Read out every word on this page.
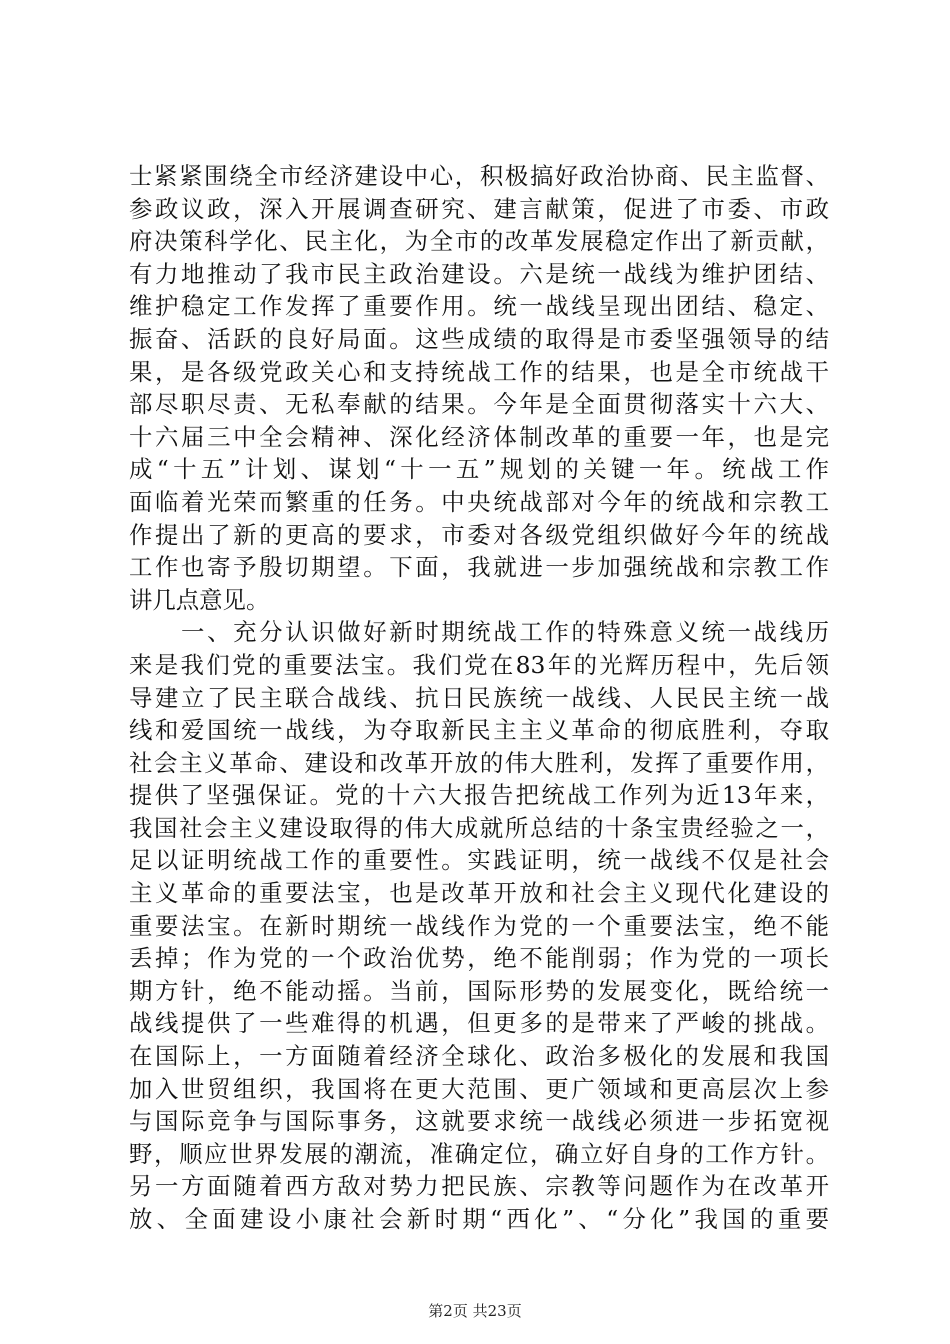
士紧紧围绕全市经济建设中心，积极搞好政治协商、民主监督、
参政议政，深入开展调查研究、建言献策，促进了市委、市政
府决策科学化、民主化，为全市的改革发展稳定作出了新贡献，
有力地推动了我市民主政治建设。六是统一战线为维护团结、
维护稳定工作发挥了重要作用。统一战线呈现出团结、稳定、
振奋、活跃的良好局面。这些成绩的取得是市委坚强领导的结
果，是各级党政关心和支持统战工作的结果，也是全市统战干
部尽职尽责、无私奉献的结果。今年是全面贯彻落实十六大、
十六届三中全会精神、深化经济体制改革的重要一年，也是完
成“十五”计划、谋划“十一五”规划的关键一年。统战工作
面临着光荣而繁重的任务。中央统战部对今年的统战和宗教工
作提出了新的更高的要求，市委对各级党组织做好今年的统战
工作也寄予殷切期望。下面，我就进一步加强统战和宗教工作
讲几点意见。
　　一、充分认识做好新时期统战工作的特殊意义统一战线历
来是我们党的重要法宝。我们党在83年的光辉历程中，先后领
导建立了民主联合战线、抗日民族统一战线、人民民主统一战
线和爱国统一战线，为夺取新民主主义革命的彻底胜利，夺取
社会主义革命、建设和改革开放的伟大胜利，发挥了重要作用，
提供了坚强保证。党的十六大报告把统战工作列为近13年来，
我国社会主义建设取得的伟大成就所总结的十条宝贵经验之一，
足以证明统战工作的重要性。实践证明，统一战线不仅是社会
主义革命的重要法宝，也是改革开放和社会主义现代化建设的
重要法宝。在新时期统一战线作为党的一个重要法宝，绝不能
丢掉；作为党的一个政治优势，绝不能削弱；作为党的一项长
期方针，绝不能动摇。当前，国际形势的发展变化，既给统一
战线提供了一些难得的机遇，但更多的是带来了严峻的挑战。
在国际上，一方面随着经济全球化、政治多极化的发展和我国
加入世贸组织，我国将在更大范围、更广领域和更高层次上参
与国际竞争与国际事务，这就要求统一战线必须进一步拓宽视
野，顺应世界发展的潮流，准确定位，确立好自身的工作方针。
另一方面随着西方敌对势力把民族、宗教等问题作为在改革开
放、全面建设小康社会新时期“西化”、“分化”我国的重要
第2页 共23页
